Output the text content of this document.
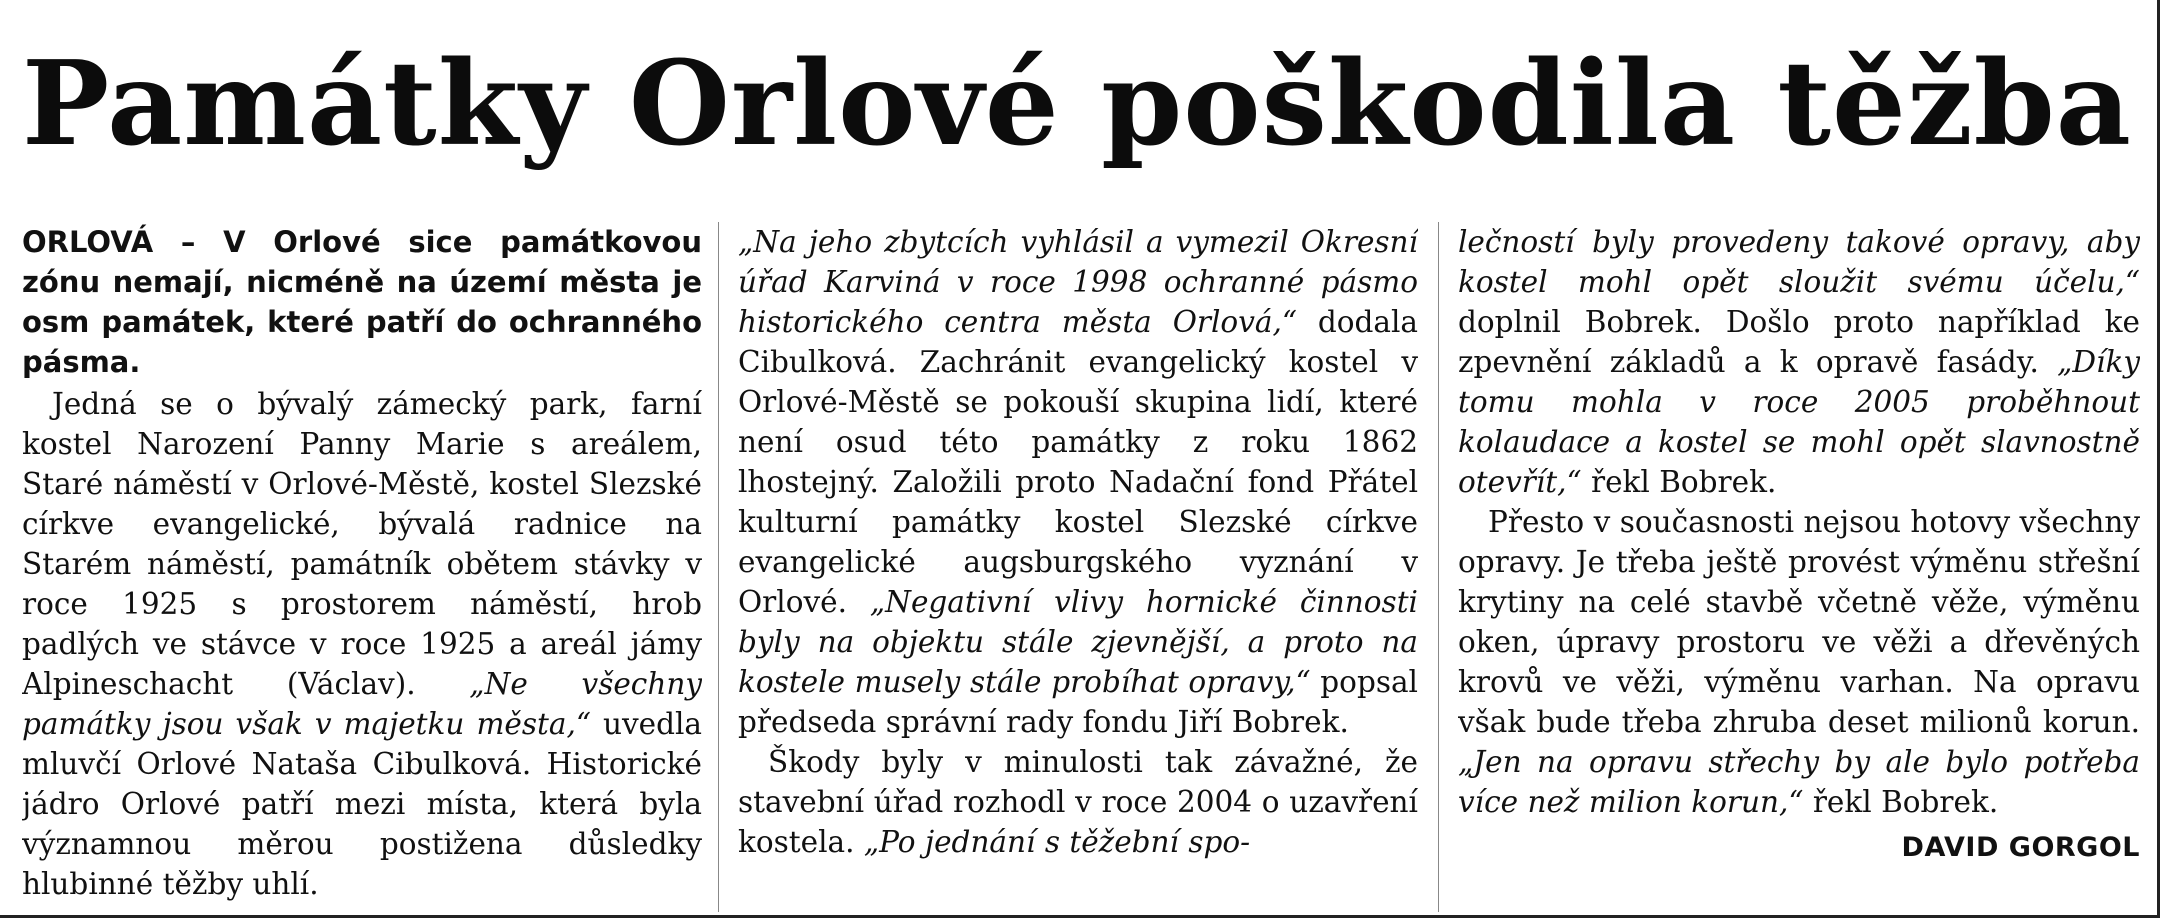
Památky Orlové poškodila těžba
ORLOVÁ – V Orlové sice památkovou zónu nemají, nicméně na území města je osm památek, které patří do ochranného pásma.

Jedná se o bývalý zámecký park, farní kostel Narození Panny Marie s areálem, Staré náměstí v Orlové-Městě, kostel Slezské církve evangelické, bývalá radnice na Starém náměstí, památník obětem stávky v roce 1925 s prostorem náměstí, hrob padlých ve stávce v roce 1925 a areál jámy Alpineschacht (Václav). „Ne všechny památky jsou však v majetku města,“ uvedla mluvčí Orlové Nataša Cibulková. Historické jádro Orlové patří mezi místa, která byla významnou měrou postižena důsledky hlubinné těžby uhlí.

„Na jeho zbytcích vyhlásil a vymezil Okresní úřad Karviná v roce 1998 ochranné pásmo historického centra města Orlová,“ dodala Cibulková. Zachránit evangelický kostel v Orlové-Městě se pokouší skupina lidí, které není osud této památky z roku 1862 lhostejný. Založili proto Nadační fond Přátel kulturní památky kostel Slezské církve evangelické augsburgského vyznání v Orlové. „Negativní vlivy hornické činnosti byly na objektu stále zjevnější, a proto na kostele musely stále probíhat opravy,“ popsal předseda správní rady fondu Jiří Bobrek.

Škody byly v minulosti tak závažné, že stavební úřad rozhodl v roce 2004 o uzavření kostela. „Po jednání s těžební spo-

lečností byly provedeny takové opravy, aby kostel mohl opět sloužit svému účelu,“ doplnil Bobrek. Došlo proto například ke zpevnění základů a k opravě fasády. „Díky tomu mohla v roce 2005 proběhnout kolaudace a kostel se mohl opět slavnostně otevřít,“ řekl Bobrek.

Přesto v současnosti nejsou hotovy všechny opravy. Je třeba ještě provést výměnu střešní krytiny na celé stavbě včetně věže, výměnu oken, úpravy prostoru ve věži a dřevěných krovů ve věži, výměnu varhan. Na opravu však bude třeba zhruba deset milionů korun. „Jen na opravu střechy by ale bylo potřeba více než milion korun,“ řekl Bobrek.

DAVID GORGOL
